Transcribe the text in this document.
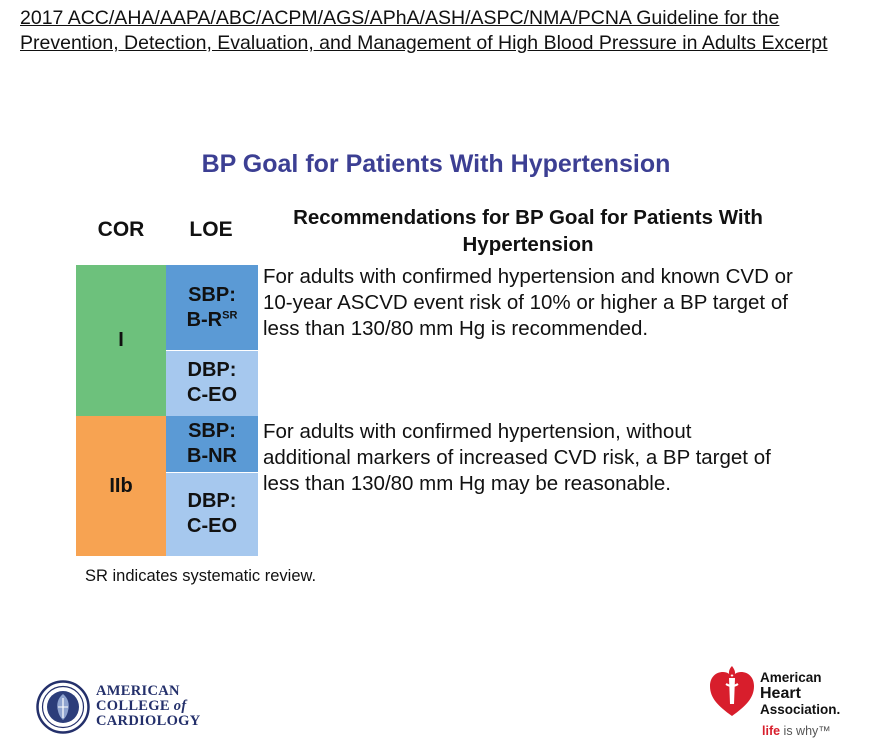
2017 ACC/AHA/AAPA/ABC/ACPM/AGS/APhA/ASH/ASPC/NMA/PCNA Guideline for the Prevention, Detection, Evaluation, and Management of High Blood Pressure in Adults Excerpt
BP Goal for Patients With Hypertension
COR	LOE
Recommendations for BP Goal for Patients With Hypertension
I
SBP:
$B-R^{SR}$
DBP:
C-EO
For adults with confirmed hypertension and known CVD or 10-year ASCVD event risk of 10% or higher a BP target of less than 130/80 mm Hg is recommended.
IIb
SBP:
B-NR
DBP:
C-EO
For adults with confirmed hypertension, without additional markers of increased CVD risk, a BP target of less than 130/80 mm Hg may be reasonable.
SR indicates systematic review.
AMERICAN
COLLEGE of
CARDIOLOGY
American
Heart
Association.
life is why™
